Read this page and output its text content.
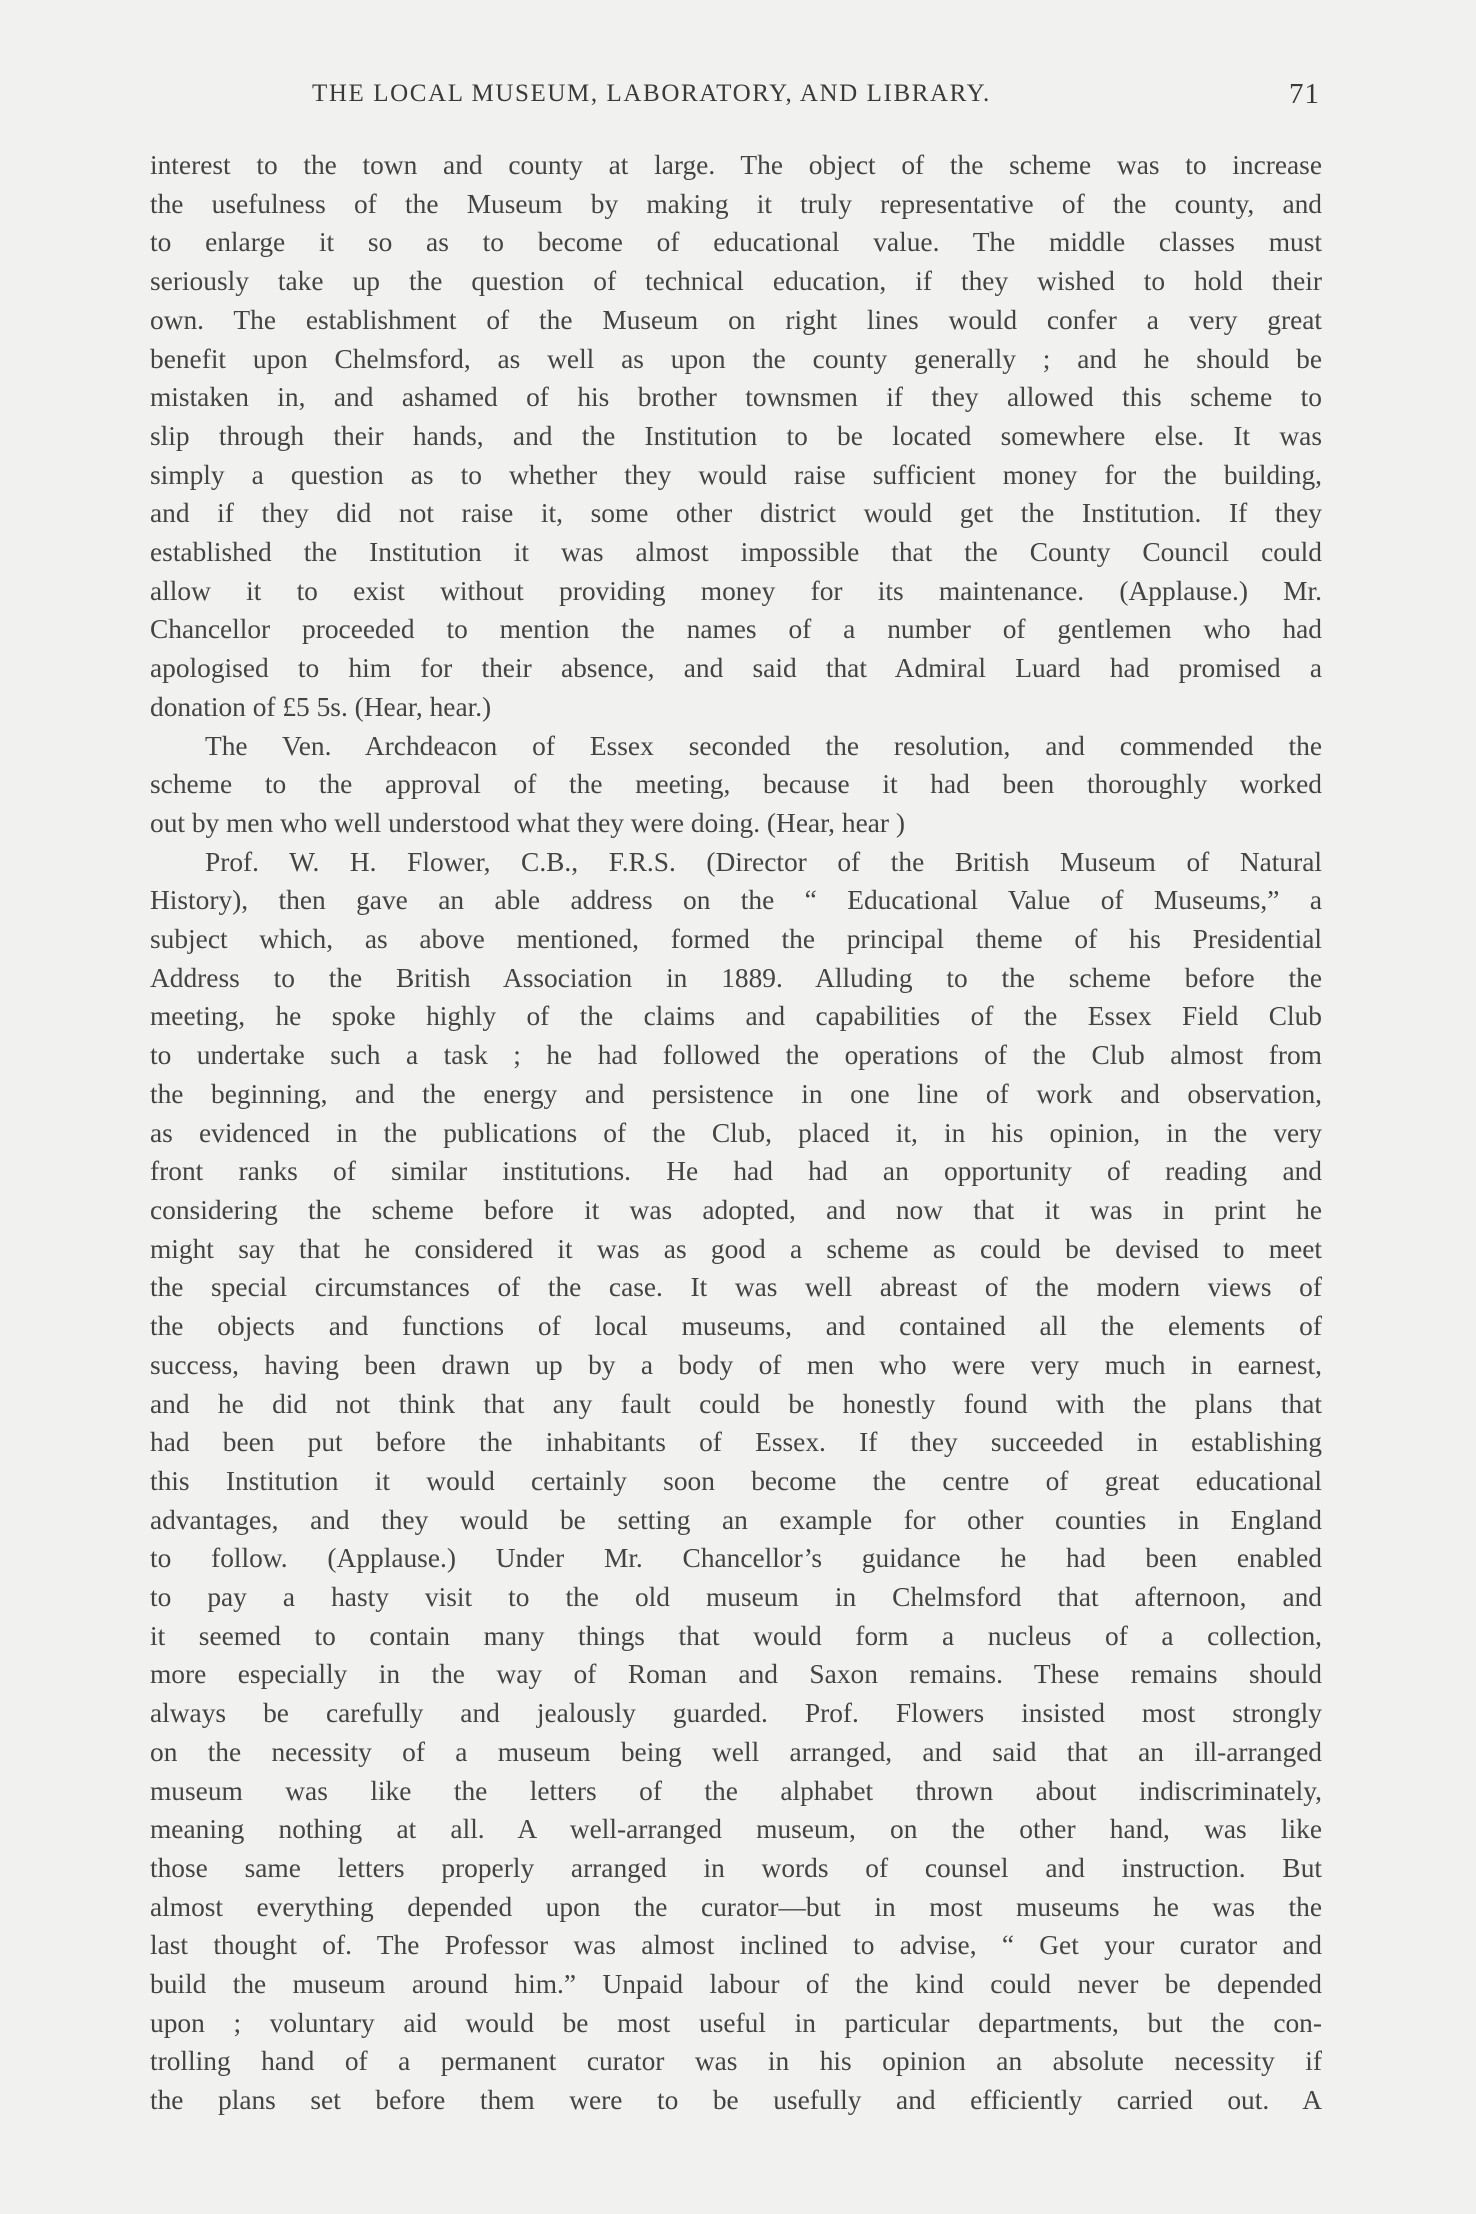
THE LOCAL MUSEUM, LABORATORY, AND LIBRARY.	71

interest to the town and county at large. The object of the scheme was to increase

the usefulness of the Museum by making it truly representative of the county, and

to enlarge it so as to become of educational value. The middle classes must

seriously take up the question of technical education, if they wished to hold their

own. The establishment of the Museum on right lines would confer a very great

benefit upon Chelmsford, as well as upon the county generally ; and he should be

mistaken in, and ashamed of his brother townsmen if they allowed this scheme to

slip through their hands, and the Institution to be located somewhere else. It was

simply a question as to whether they would raise sufficient money for the building,

and if they did not raise it, some other district would get the Institution. If they

established the Institution it was almost impossible that the County Council could

allow it to exist without providing money for its maintenance. (Applause.) Mr.

Chancellor proceeded to mention the names of a number of gentlemen who had

apologised to him for their absence, and said that Admiral Luard had promised a

donation of £5 5s. (Hear, hear.)

The Ven. Archdeacon of Essex seconded the resolution, and commended the

scheme to the approval of the meeting, because it had been thoroughly worked

out by men who well understood what they were doing. (Hear, hear )

Prof. W. H. Flower, C.B., F.R.S. (Director of the British Museum of Natural

History), then gave an able address on the “ Educational Value of Museums,” a

subject which, as above mentioned, formed the principal theme of his Presidential

Address to the British Association in 1889. Alluding to the scheme before the

meeting, he spoke highly of the claims and capabilities of the Essex Field Club

to undertake such a task ; he had followed the operations of the Club almost from

the beginning, and the energy and persistence in one line of work and observation,

as evidenced in the publications of the Club, placed it, in his opinion, in the very

front ranks of similar institutions. He had had an opportunity of reading and

considering the scheme before it was adopted, and now that it was in print he

might say that he considered it was as good a scheme as could be devised to meet

the special circumstances of the case. It was well abreast of the modern views of

the objects and functions of local museums, and contained all the elements of

success, having been drawn up by a body of men who were very much in earnest,

and he did not think that any fault could be honestly found with the plans that

had been put before the inhabitants of Essex. If they succeeded in establishing

this Institution it would certainly soon become the centre of great educational

advantages, and they would be setting an example for other counties in England

to follow. (Applause.) Under Mr. Chancellor’s guidance he had been enabled

to pay a hasty visit to the old museum in Chelmsford that afternoon, and

it seemed to contain many things that would form a nucleus of a collection,

more especially in the way of Roman and Saxon remains. These remains should

always be carefully and jealously guarded. Prof. Flowers insisted most strongly

on the necessity of a museum being well arranged, and said that an ill-arranged

museum was like the letters of the alphabet thrown about indiscriminately,

meaning nothing at all. A well-arranged museum, on the other hand, was like

those same letters properly arranged in words of counsel and instruction. But

almost everything depended upon the curator—but in most museums he was the

last thought of. The Professor was almost inclined to advise, “ Get your curator and

build the museum around him.” Unpaid labour of the kind could never be depended

upon ; voluntary aid would be most useful in particular departments, but the con-

trolling hand of a permanent curator was in his opinion an absolute necessity if

the plans set before them were to be usefully and efficiently carried out. A
